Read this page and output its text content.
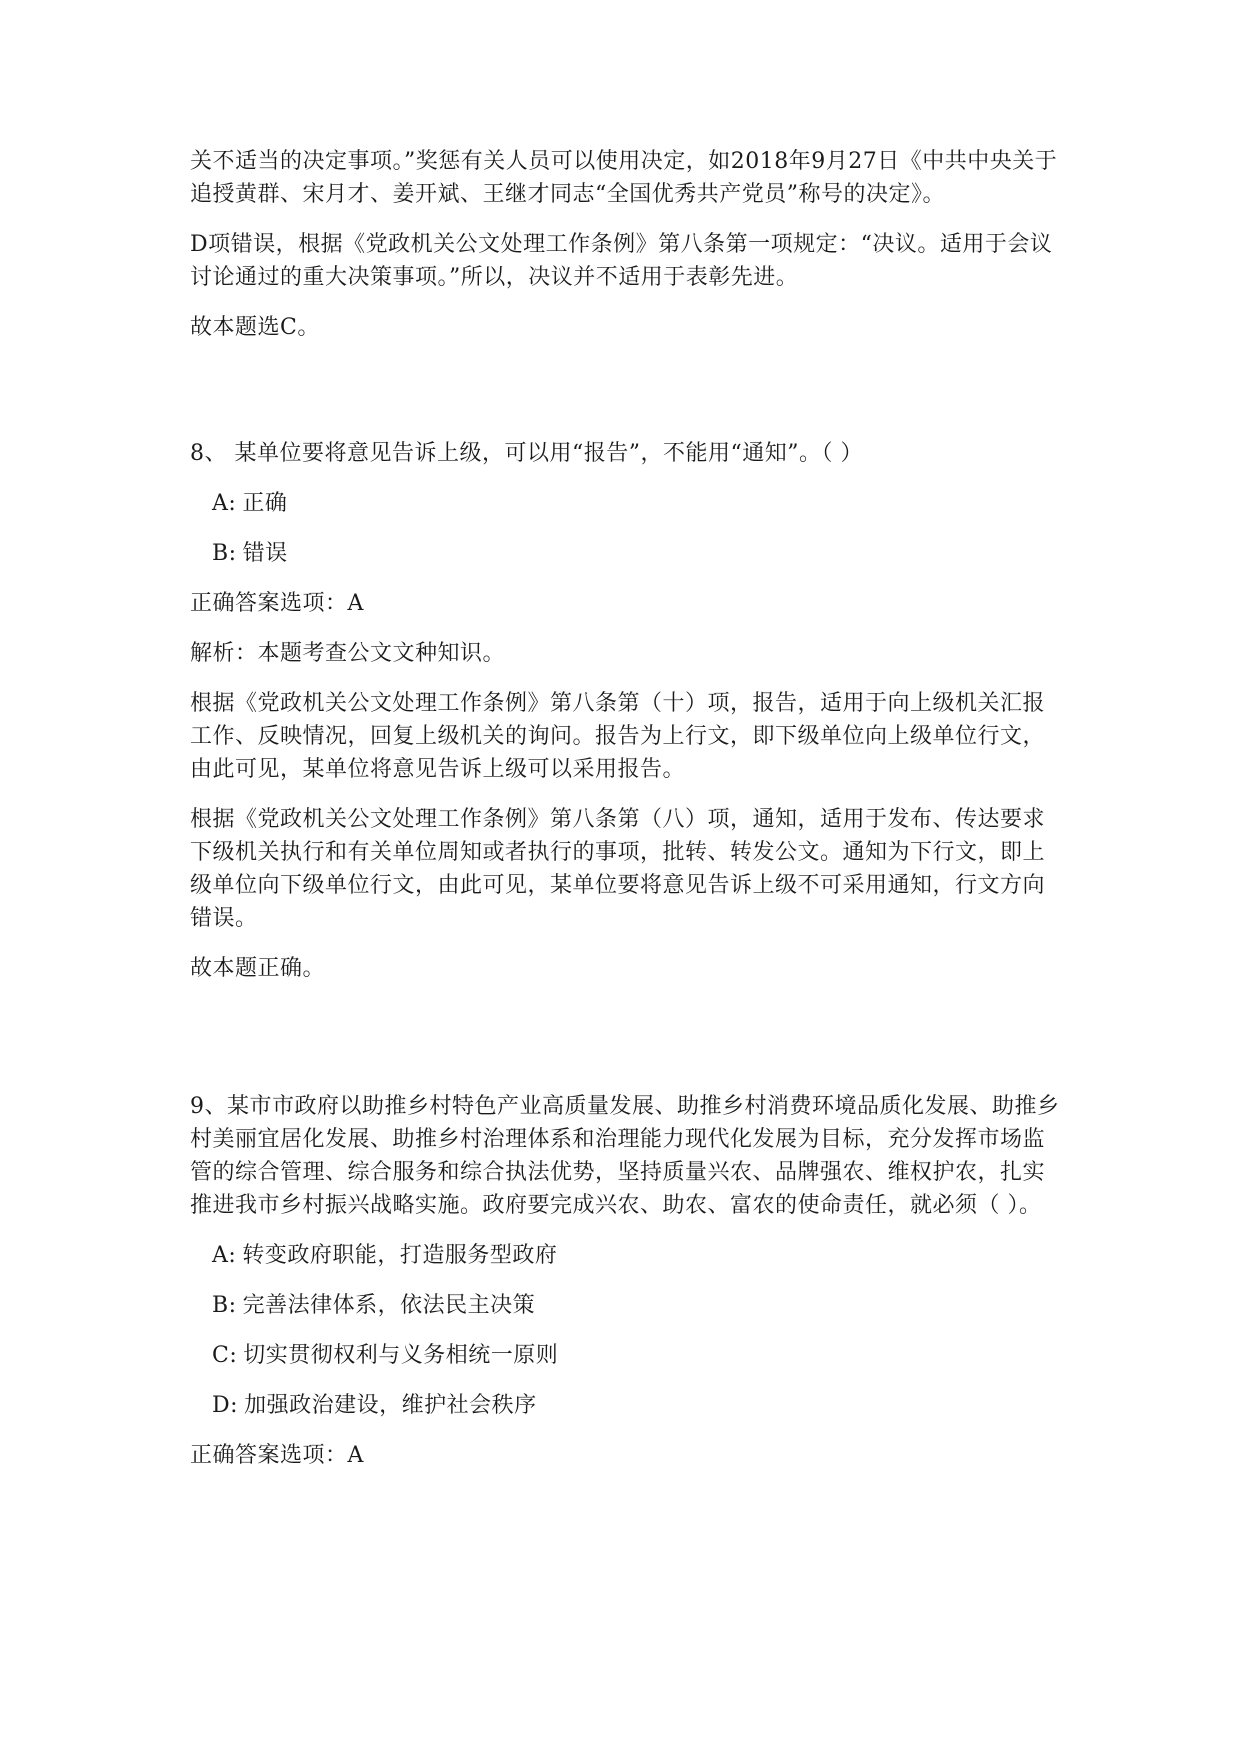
关不适当的决定事项。”奖惩有关人员可以使用决定，如2018年9月27日《中共中央关于追授黄群、宋月才、姜开斌、王继才同志“全国优秀共产党员”称号的决定》。

D项错误，根据《党政机关公文处理工作条例》第八条第一项规定：“决议。适用于会议讨论通过的重大决策事项。”所以，决议并不适用于表彰先进。

故本题选C。

8、 某单位要将意见告诉上级，可以用“报告”，不能用“通知”。（ ）

A: 正确

B: 错误

正确答案选项：A

解析：本题考查公文文种知识。

根据《党政机关公文处理工作条例》第八条第（十）项，报告，适用于向上级机关汇报工作、反映情况，回复上级机关的询问。报告为上行文，即下级单位向上级单位行文，由此可见，某单位将意见告诉上级可以采用报告。

根据《党政机关公文处理工作条例》第八条第（八）项，通知，适用于发布、传达要求下级机关执行和有关单位周知或者执行的事项，批转、转发公文。通知为下行文，即上级单位向下级单位行文，由此可见，某单位要将意见告诉上级不可采用通知，行文方向错误。

故本题正确。

9、某市市政府以助推乡村特色产业高质量发展、助推乡村消费环境品质化发展、助推乡村美丽宜居化发展、助推乡村治理体系和治理能力现代化发展为目标，充分发挥市场监管的综合管理、综合服务和综合执法优势，坚持质量兴农、品牌强农、维权护农，扎实推进我市乡村振兴战略实施。政府要完成兴农、助农、富农的使命责任，就必须（ ）。

A: 转变政府职能，打造服务型政府

B: 完善法律体系，依法民主决策

C: 切实贯彻权利与义务相统一原则

D: 加强政治建设，维护社会秩序

正确答案选项：A
